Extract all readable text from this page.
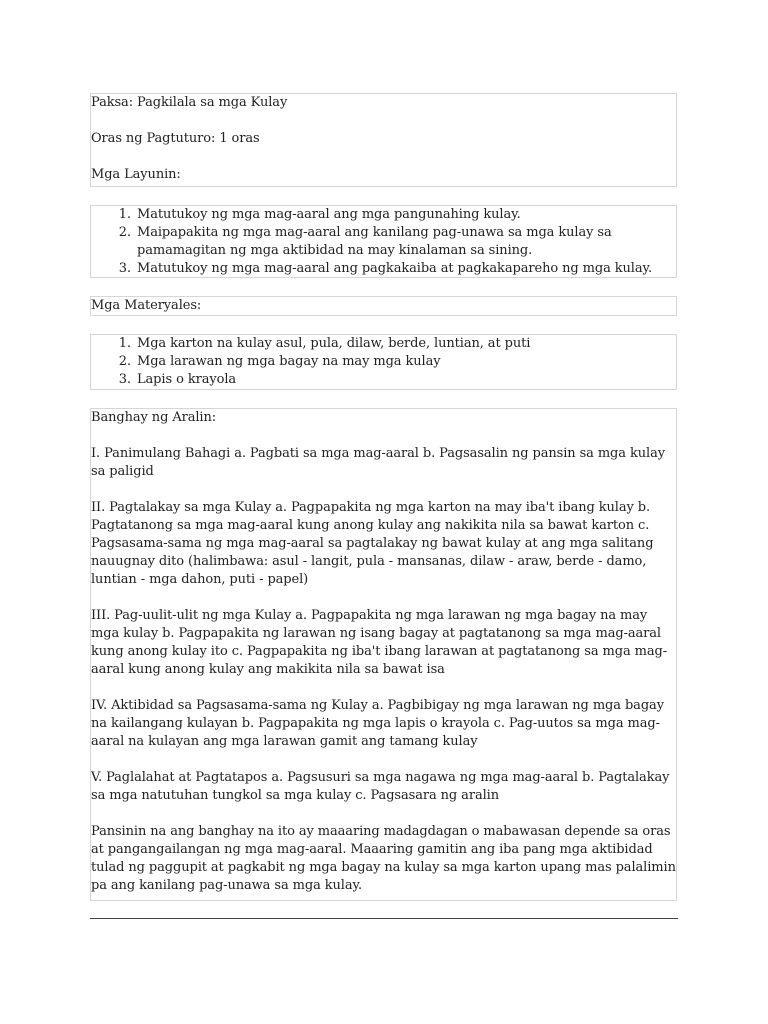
Paksa: Pagkilala sa mga Kulay

Oras ng Pagtuturo: 1 oras

Mga Layunin:

1. Matutukoy ng mga mag-aaral ang mga pangunahing kulay.
2. Maipapakita ng mga mag-aaral ang kanilang pag-unawa sa mga kulay sa pamamagitan ng mga aktibidad na may kinalaman sa sining.
3. Matutukoy ng mga mag-aaral ang pagkakaiba at pagkakapareho ng mga kulay.

Mga Materyales:

1. Mga karton na kulay asul, pula, dilaw, berde, luntian, at puti
2. Mga larawan ng mga bagay na may mga kulay
3. Lapis o krayola

Banghay ng Aralin:

I. Panimulang Bahagi a. Pagbati sa mga mag-aaral b. Pagsasalin ng pansin sa mga kulay sa paligid

II. Pagtalakay sa mga Kulay a. Pagpapakita ng mga karton na may iba't ibang kulay b. Pagtatanong sa mga mag-aaral kung anong kulay ang nakikita nila sa bawat karton c. Pagsasama-sama ng mga mag-aaral sa pagtalakay ng bawat kulay at ang mga salitang nauugnay dito (halimbawa: asul - langit, pula - mansanas, dilaw - araw, berde - damo, luntian - mga dahon, puti - papel)

III. Pag-uulit-ulit ng mga Kulay a. Pagpapakita ng mga larawan ng mga bagay na may mga kulay b. Pagpapakita ng larawan ng isang bagay at pagtatanong sa mga mag-aaral kung anong kulay ito c. Pagpapakita ng iba't ibang larawan at pagtatanong sa mga mag-aaral kung anong kulay ang makikita nila sa bawat isa

IV. Aktibidad sa Pagsasama-sama ng Kulay a. Pagbibigay ng mga larawan ng mga bagay na kailangang kulayan b. Pagpapakita ng mga lapis o krayola c. Pag-uutos sa mga mag-aaral na kulayan ang mga larawan gamit ang tamang kulay

V. Paglalahat at Pagtatapos a. Pagsusuri sa mga nagawa ng mga mag-aaral b. Pagtalakay sa mga natutuhan tungkol sa mga kulay c. Pagsasara ng aralin

Pansinin na ang banghay na ito ay maaaring madagdagan o mabawasan depende sa oras at pangangailangan ng mga mag-aaral. Maaaring gamitin ang iba pang mga aktibidad tulad ng paggupit at pagkabit ng mga bagay na kulay sa mga karton upang mas palalimin pa ang kanilang pag-unawa sa mga kulay.
